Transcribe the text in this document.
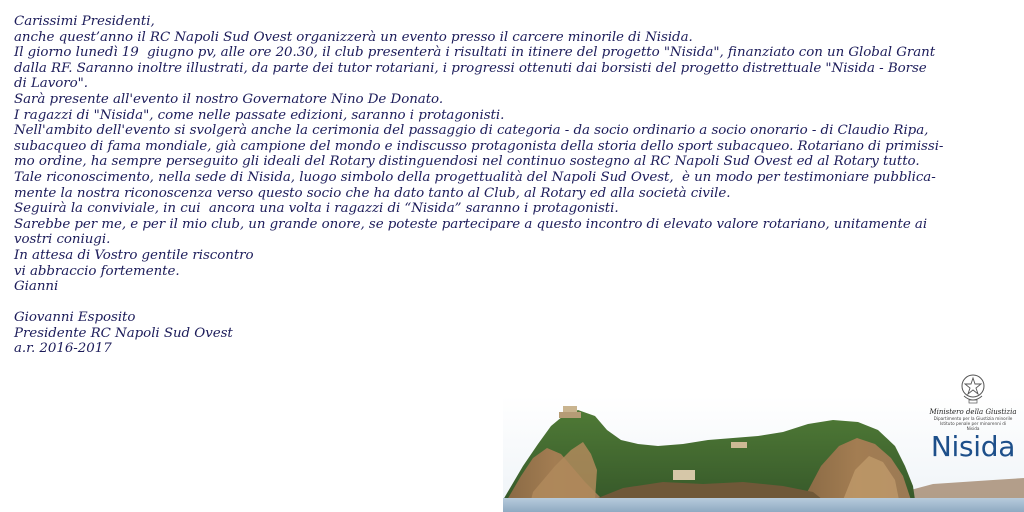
Carissimi Presidenti,
anche quest’anno il RC Napoli Sud Ovest organizzerà un evento presso il carcere minorile di Nisida.
Il giorno lunedì 19  giugno pv, alle ore 20.30, il club presenterà i risultati in itinere del progetto "Nisida", finanziato con un Global Grant
dalla RF. Saranno inoltre illustrati, da parte dei tutor rotariani, i progressi ottenuti dai borsisti del progetto distrettuale "Nisida - Borse
di Lavoro".
Sarà presente all'evento il nostro Governatore Nino De Donato.
I ragazzi di "Nisida", come nelle passate edizioni, saranno i protagonisti.
Nell'ambito dell'evento si svolgerà anche la cerimonia del passaggio di categoria - da socio ordinario a socio onorario - di Claudio Ripa,
subacqueo di fama mondiale, già campione del mondo e indiscusso protagonista della storia dello sport subacqueo. Rotariano di primissi-
mo ordine, ha sempre perseguito gli ideali del Rotary distinguendosi nel continuo sostegno al RC Napoli Sud Ovest ed al Rotary tutto.
Tale riconoscimento, nella sede di Nisida, luogo simbolo della progettualità del Napoli Sud Ovest,  è un modo per testimoniare pubblica-
mente la nostra riconoscenza verso questo socio che ha dato tanto al Club, al Rotary ed alla società civile.
Seguirà la conviviale, in cui  ancora una volta i ragazzi di “Nisida” saranno i protagonisti.
Sarebbe per me, e per il mio club, un grande onore, se poteste partecipare a questo incontro di elevato valore rotariano, unitamente ai
vostri coniugi.
In attesa di Vostro gentile riscontro
vi abbraccio fortemente.
Gianni
Giovanni Esposito
Presidente RC Napoli Sud Ovest
a.r. 2016-2017
Ministero della Giustizia
Dipartimento per la Giustizia minorile
Istituto penale per minorenni di
Nisida
Nisida
